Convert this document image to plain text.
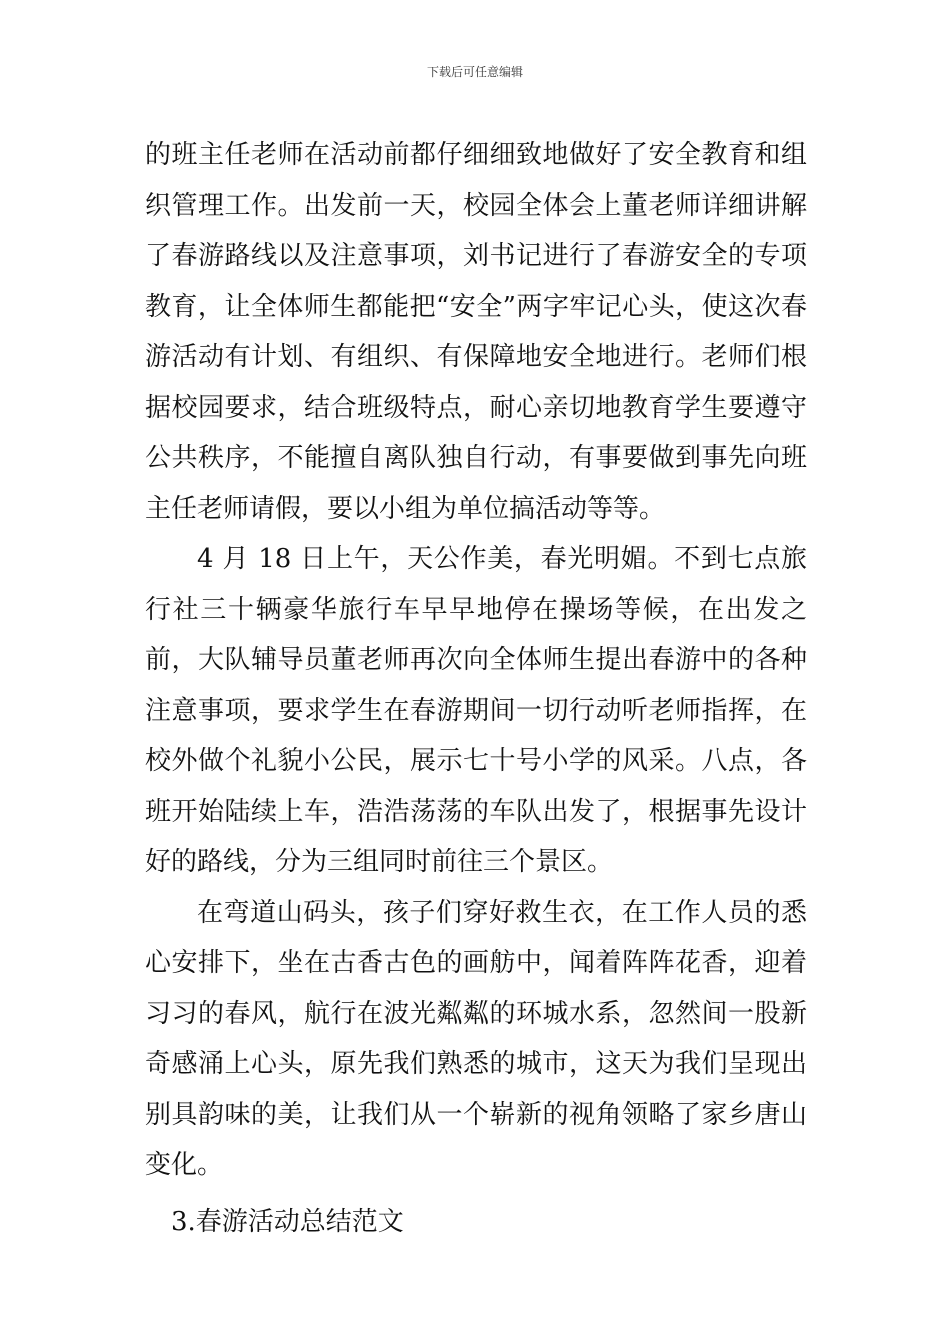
下载后可任意编辑

的班主任老师在活动前都仔细细致地做好了安全教育和组织管理工作。出发前一天，校园全体会上董老师详细讲解了春游路线以及注意事项，刘书记进行了春游安全的专项教育，让全体师生都能把“安全”两字牢记心头，使这次春游活动有计划、有组织、有保障地安全地进行。老师们根据校园要求，结合班级特点，耐心亲切地教育学生要遵守公共秩序，不能擅自离队独自行动，有事要做到事先向班主任老师请假，要以小组为单位搞活动等等。

4 月 18 日上午，天公作美，春光明媚。不到七点旅行社三十辆豪华旅行车早早地停在操场等候，在出发之前，大队辅导员董老师再次向全体师生提出春游中的各种注意事项，要求学生在春游期间一切行动听老师指挥，在校外做个礼貌小公民，展示七十号小学的风采。八点，各班开始陆续上车，浩浩荡荡的车队出发了，根据事先设计好的路线，分为三组同时前往三个景区。

在弯道山码头，孩子们穿好救生衣，在工作人员的悉心安排下，坐在古香古色的画舫中，闻着阵阵花香，迎着习习的春风，航行在波光粼粼的环城水系，忽然间一股新奇感涌上心头，原先我们熟悉的城市，这天为我们呈现出别具韵味的美，让我们从一个崭新的视角领略了家乡唐山变化。

3.春游活动总结范文
